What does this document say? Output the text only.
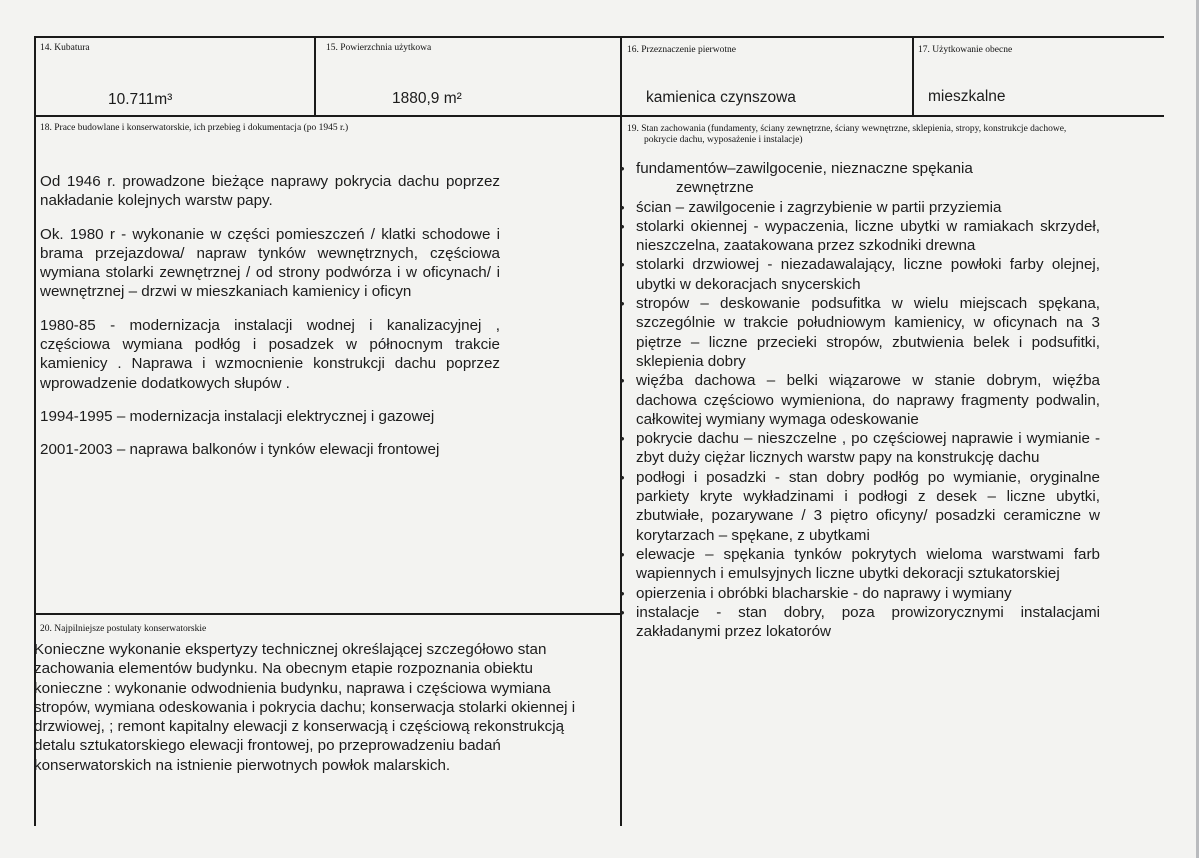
14. Kubatura
10.711m³
15. Powierzchnia użytkowa
1880,9 m²
16. Przeznaczenie pierwotne
kamienica czynszowa
17. Użytkowanie obecne
mieszkalne
18. Prace budowlane i konserwatorskie, ich przebieg i dokumentacja (po 1945 r.)

Od 1946 r. prowadzone bieżące naprawy pokrycia dachu poprzez nakładanie kolejnych warstw papy.

Ok. 1980 r - wykonanie w części pomieszczeń / klatki schodowe i brama przejazdowa/ napraw tynków wewnętrznych, częściowa wymiana stolarki zewnętrznej / od strony podwórza i w oficynach/ i wewnętrznej – drzwi w mieszkaniach kamienicy i oficyn

1980-85 - modernizacja instalacji wodnej i kanalizacyjnej , częściowa wymiana podłóg i posadzek w północnym trakcie kamienicy . Naprawa i wzmocnienie konstrukcji dachu poprzez wprowadzenie dodatkowych słupów .

1994-1995 – modernizacja instalacji elektrycznej i gazowej

2001-2003 – naprawa balkonów i tynków elewacji frontowej

19. Stan zachowania (fundamenty, ściany zewnętrzne, ściany wewnętrzne, sklepienia, stropy, konstrukcje dachowe,
pokrycie dachu, wyposażenie i instalacje)
• fundamentów–zawilgocenie, nieznaczne spękania
zewnętrzne
• ścian – zawilgocenie i zagrzybienie w partii przyziemia
• stolarki okiennej - wypaczenia, liczne ubytki w ramiakach skrzydeł, nieszczelna, zaatakowana przez szkodniki drewna
• stolarki drzwiowej - niezadawalający, liczne powłoki farby olejnej, ubytki w dekoracjach snycerskich
• stropów – deskowanie podsufitka w wielu miejscach spękana, szczególnie w trakcie południowym kamienicy, w oficynach na 3 piętrze – liczne przecieki stropów, zbutwienia belek i podsufitki, sklepienia dobry
• więźba dachowa – belki wiązarowe w stanie dobrym, więźba dachowa częściowo wymieniona, do naprawy fragmenty podwalin, całkowitej wymiany wymaga odeskowanie
• pokrycie dachu – nieszczelne , po częściowej naprawie i wymianie - zbyt duży ciężar licznych warstw papy na konstrukcję dachu
• podłogi i posadzki - stan dobry podłóg po wymianie, oryginalne parkiety kryte wykładzinami i podłogi z desek – liczne ubytki, zbutwiałe, pozarywane / 3 piętro oficyny/ posadzki ceramiczne w korytarzach – spękane, z ubytkami
• elewacje – spękania tynków pokrytych wieloma warstwami farb wapiennych i emulsyjnych liczne ubytki dekoracji sztukatorskiej
• opierzenia i obróbki blacharskie - do naprawy i wymiany
• instalacje - stan dobry, poza prowizorycznymi instalacjami zakładanymi przez lokatorów
20. Najpilniejsze postulaty konserwatorskie
Konieczne wykonanie ekspertyzy technicznej określającej szczegółowo stan zachowania elementów budynku. Na obecnym etapie rozpoznania obiektu konieczne : wykonanie odwodnienia budynku, naprawa i częściowa wymiana stropów, wymiana odeskowania i pokrycia dachu; konserwacja stolarki okiennej i drzwiowej, ; remont kapitalny elewacji z konserwacją i częściową rekonstrukcją detalu sztukatorskiego elewacji frontowej, po przeprowadzeniu badań konserwatorskich na istnienie pierwotnych powłok malarskich.
